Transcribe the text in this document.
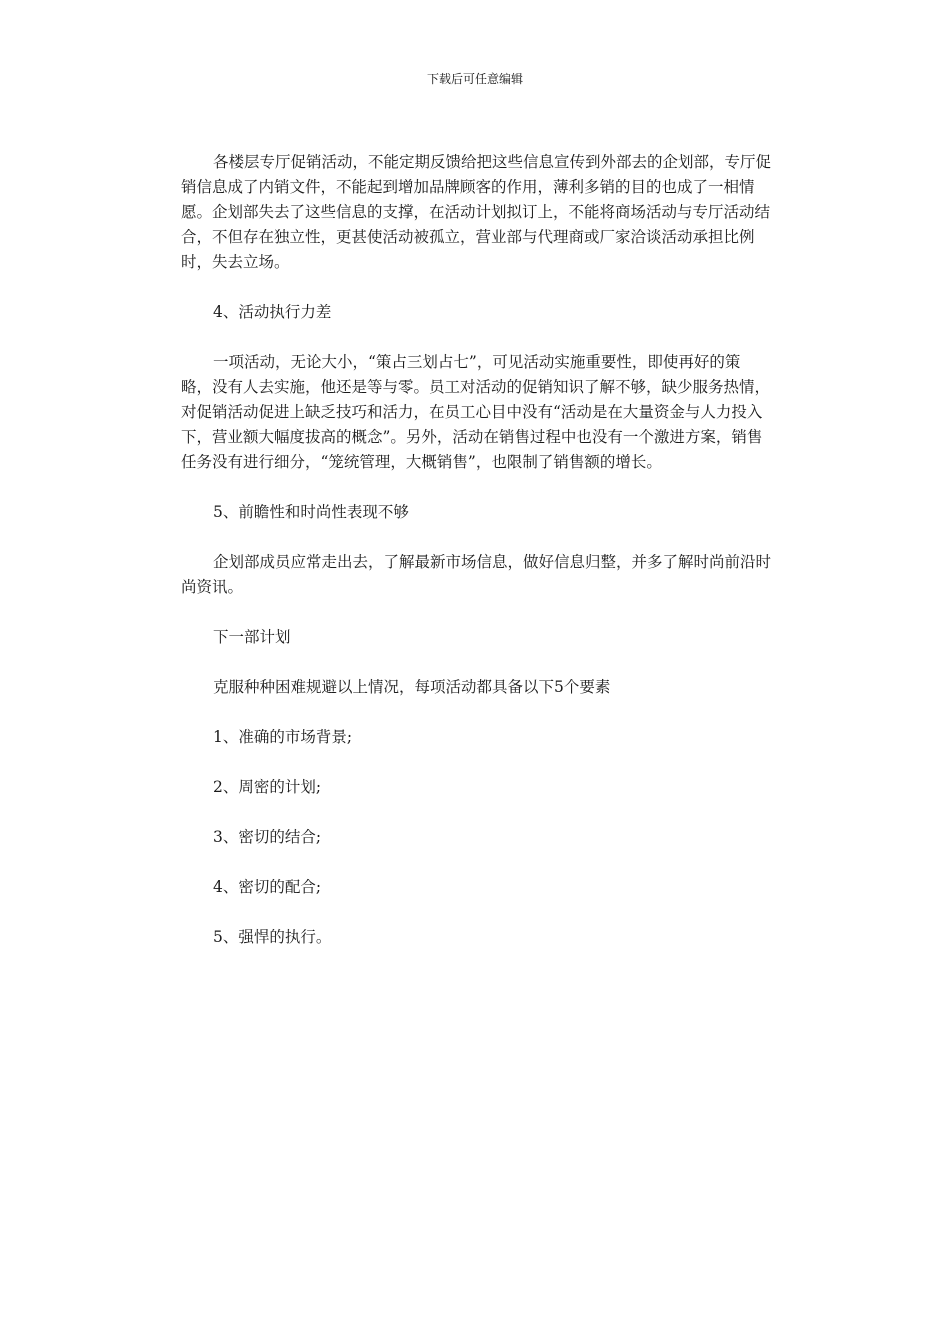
下载后可任意编辑

各楼层专厅促销活动，不能定期反馈给把这些信息宣传到外部去的企划部，专厅促销信息成了内销文件，不能起到增加品牌顾客的作用，薄利多销的目的也成了一相情愿。企划部失去了这些信息的支撑，在活动计划拟订上，不能将商场活动与专厅活动结合，不但存在独立性，更甚使活动被孤立，营业部与代理商或厂家洽谈活动承担比例时，失去立场。

4、活动执行力差

一项活动，无论大小，“策占三划占七”，可见活动实施重要性，即使再好的策略，没有人去实施，他还是等与零。员工对活动的促销知识了解不够，缺少服务热情，对促销活动促进上缺乏技巧和活力，在员工心目中没有“活动是在大量资金与人力投入下，营业额大幅度拔高的概念”。另外，活动在销售过程中也没有一个激进方案，销售任务没有进行细分，“笼统管理，大概销售”，也限制了销售额的增长。

5、前瞻性和时尚性表现不够

企划部成员应常走出去，了解最新市场信息，做好信息归整，并多了解时尚前沿时尚资讯。

下一部计划

克服种种困难规避以上情况，每项活动都具备以下5个要素

1、准确的市场背景;

2、周密的计划;

3、密切的结合;

4、密切的配合;

5、强悍的执行。
